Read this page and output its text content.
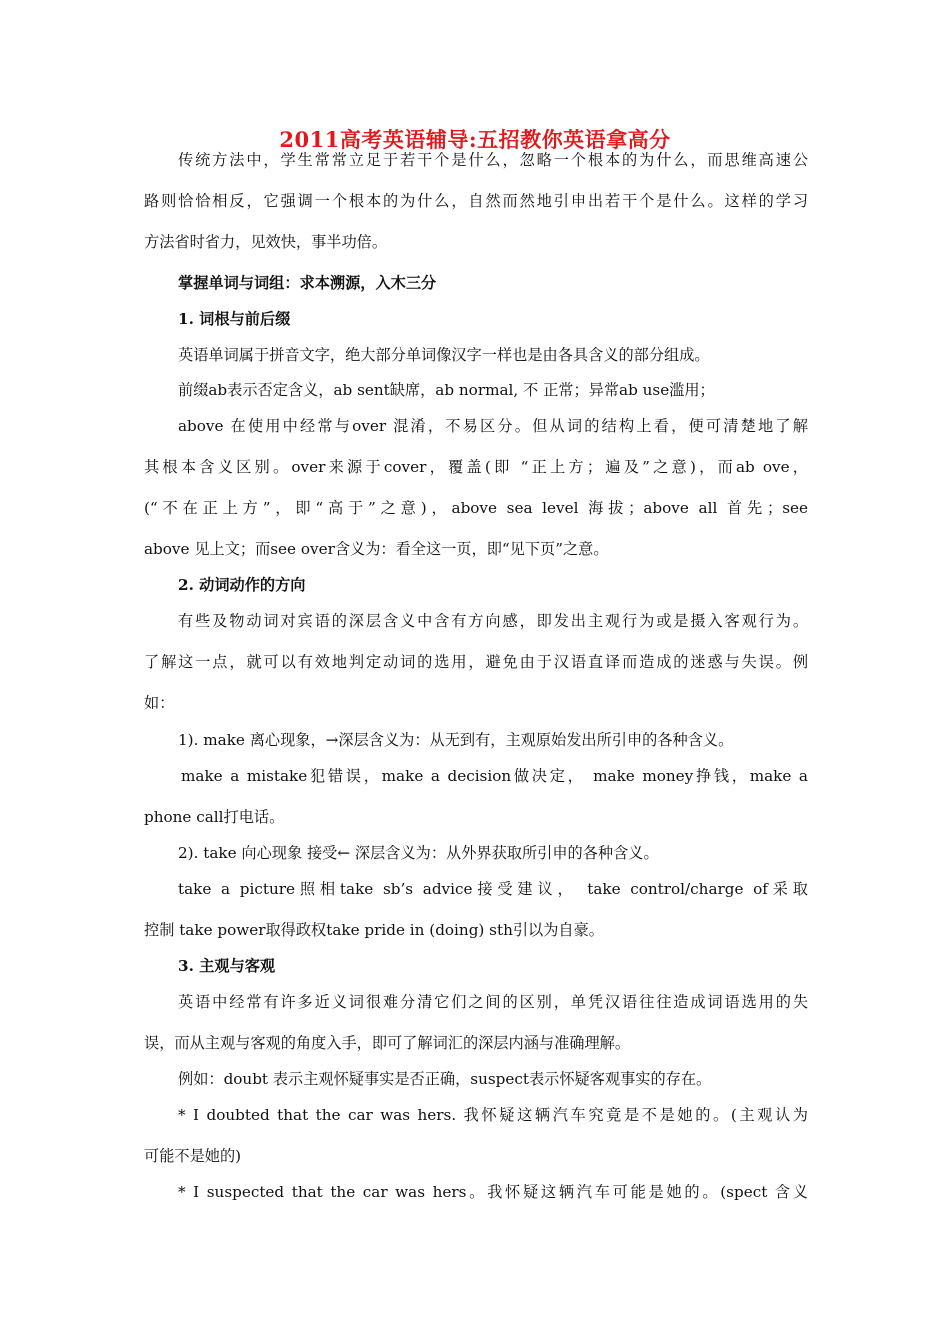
2011高考英语辅导:五招教你英语拿高分
传统方法中，学生常常立足于若干个是什么，忽略一个根本的为什么，而思维高速公
路则恰恰相反，它强调一个根本的为什么，自然而然地引申出若干个是什么。这样的学习
方法省时省力，见效快，事半功倍。
掌握单词与词组：求本溯源，入木三分
1. 词根与前后缀
英语单词属于拼音文字，绝大部分单词像汉字一样也是由各具含义的部分组成。
前缀ab表示否定含义，ab sent缺席，ab normal, 不 正常；异常ab use滥用；
above 在使用中经常与over 混淆，不易区分。但从词的结构上看，便可清楚地了解
其根本含义区别。over来源于cover，覆盖(即 “正上方；遍及”之意)，而ab ove，
(“不在正上方”，即“高于”之意)，above sea level 海拔；above all 首先；see
above 见上文；而see over含义为：看全这一页，即“见下页”之意。
2. 动词动作的方向
有些及物动词对宾语的深层含义中含有方向感，即发出主观行为或是摄入客观行为。
了解这一点，就可以有效地判定动词的选用，避免由于汉语直译而造成的迷惑与失误。例
如：
1). make 离心现象，→深层含义为：从无到有，主观原始发出所引申的各种含义。
make a mistake犯错误，make a decision做决定， make money挣钱，make a
phone call打电话。
2). take 向心现象 接受← 深层含义为：从外界获取所引申的各种含义。
take a picture照相take sb’s advice接受建议， take control/charge of采取
控制 take power取得政权take pride in (doing) sth引以为自豪。
3. 主观与客观
英语中经常有许多近义词很难分清它们之间的区别，单凭汉语往往造成词语选用的失
误，而从主观与客观的角度入手，即可了解词汇的深层内涵与准确理解。
例如：doubt 表示主观怀疑事实是否正确，suspect表示怀疑客观事实的存在。
* I doubted that the car was hers. 我怀疑这辆汽车究竟是不是她的。(主观认为
可能不是她的)
* I suspected that the car was hers。我怀疑这辆汽车可能是她的。(spect 含义
